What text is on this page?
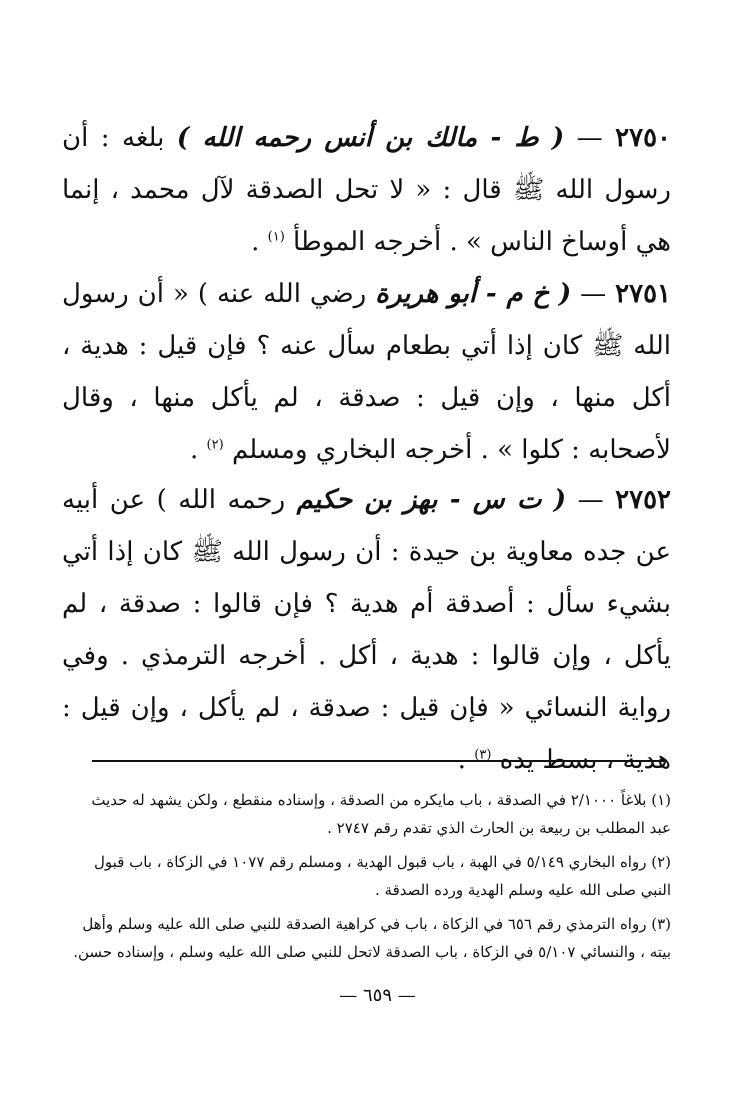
٢٧٥٠ — ( ط - مالك بن أنس رحمه الله ) بلغه : أن رسول الله ﷺ قال : « لا تحل الصدقة لآل محمد ، إنما هي أوساخ الناس » . أخرجه الموطأ $^{(١)}$ .
٢٧٥١ — ( خ م - أبو هريرة رضي الله عنه ) « أن رسول الله ﷺ كان إذا أتي بطعام سأل عنه ؟ فإن قيل : هدية ، أكل منها ، وإن قيل : صدقة ، لم يأكل منها ، وقال لأصحابه : كلوا » . أخرجه البخاري ومسلم $^{(٢)}$ .
٢٧٥٢ — ( ت س - بهز بن حكيم رحمه الله ) عن أبيه عن جده معاوية بن حيدة : أن رسول الله ﷺ كان إذا أتي بشيء سأل : أصدقة أم هدية ؟ فإن قالوا : صدقة ، لم يأكل ، وإن قالوا : هدية ، أكل . أخرجه الترمذي . وفي رواية النسائي « فإن قيل : صدقة ، لم يأكل ، وإن قيل : هدية ، بسط يده $^{(٣)}$ .

(١) بلاغاً ٢/١٠٠٠ في الصدقة ، باب مايكره من الصدقة ، وإسناده منقطع ، ولكن يشهد له حديث عبد المطلب بن ربيعة بن الحارث الذي تقدم رقم ٢٧٤٧ .

(٢) رواه البخاري ٥/١٤٩ في الهبة ، باب قبول الهدية ، ومسلم رقم ١٠٧٧ في الزكاة ، باب قبول النبي صلى الله عليه وسلم الهدية ورده الصدقة .

(٣) رواه الترمذي رقم ٦٥٦ في الزكاة ، باب في كراهية الصدقة للنبي صلى الله عليه وسلم وأهل بيته ، والنسائي ٥/١٠٧ في الزكاة ، باب الصدقة لاتحل للنبي صلى الله عليه وسلم ، وإسناده حسن.

— ٦٥٩ —
